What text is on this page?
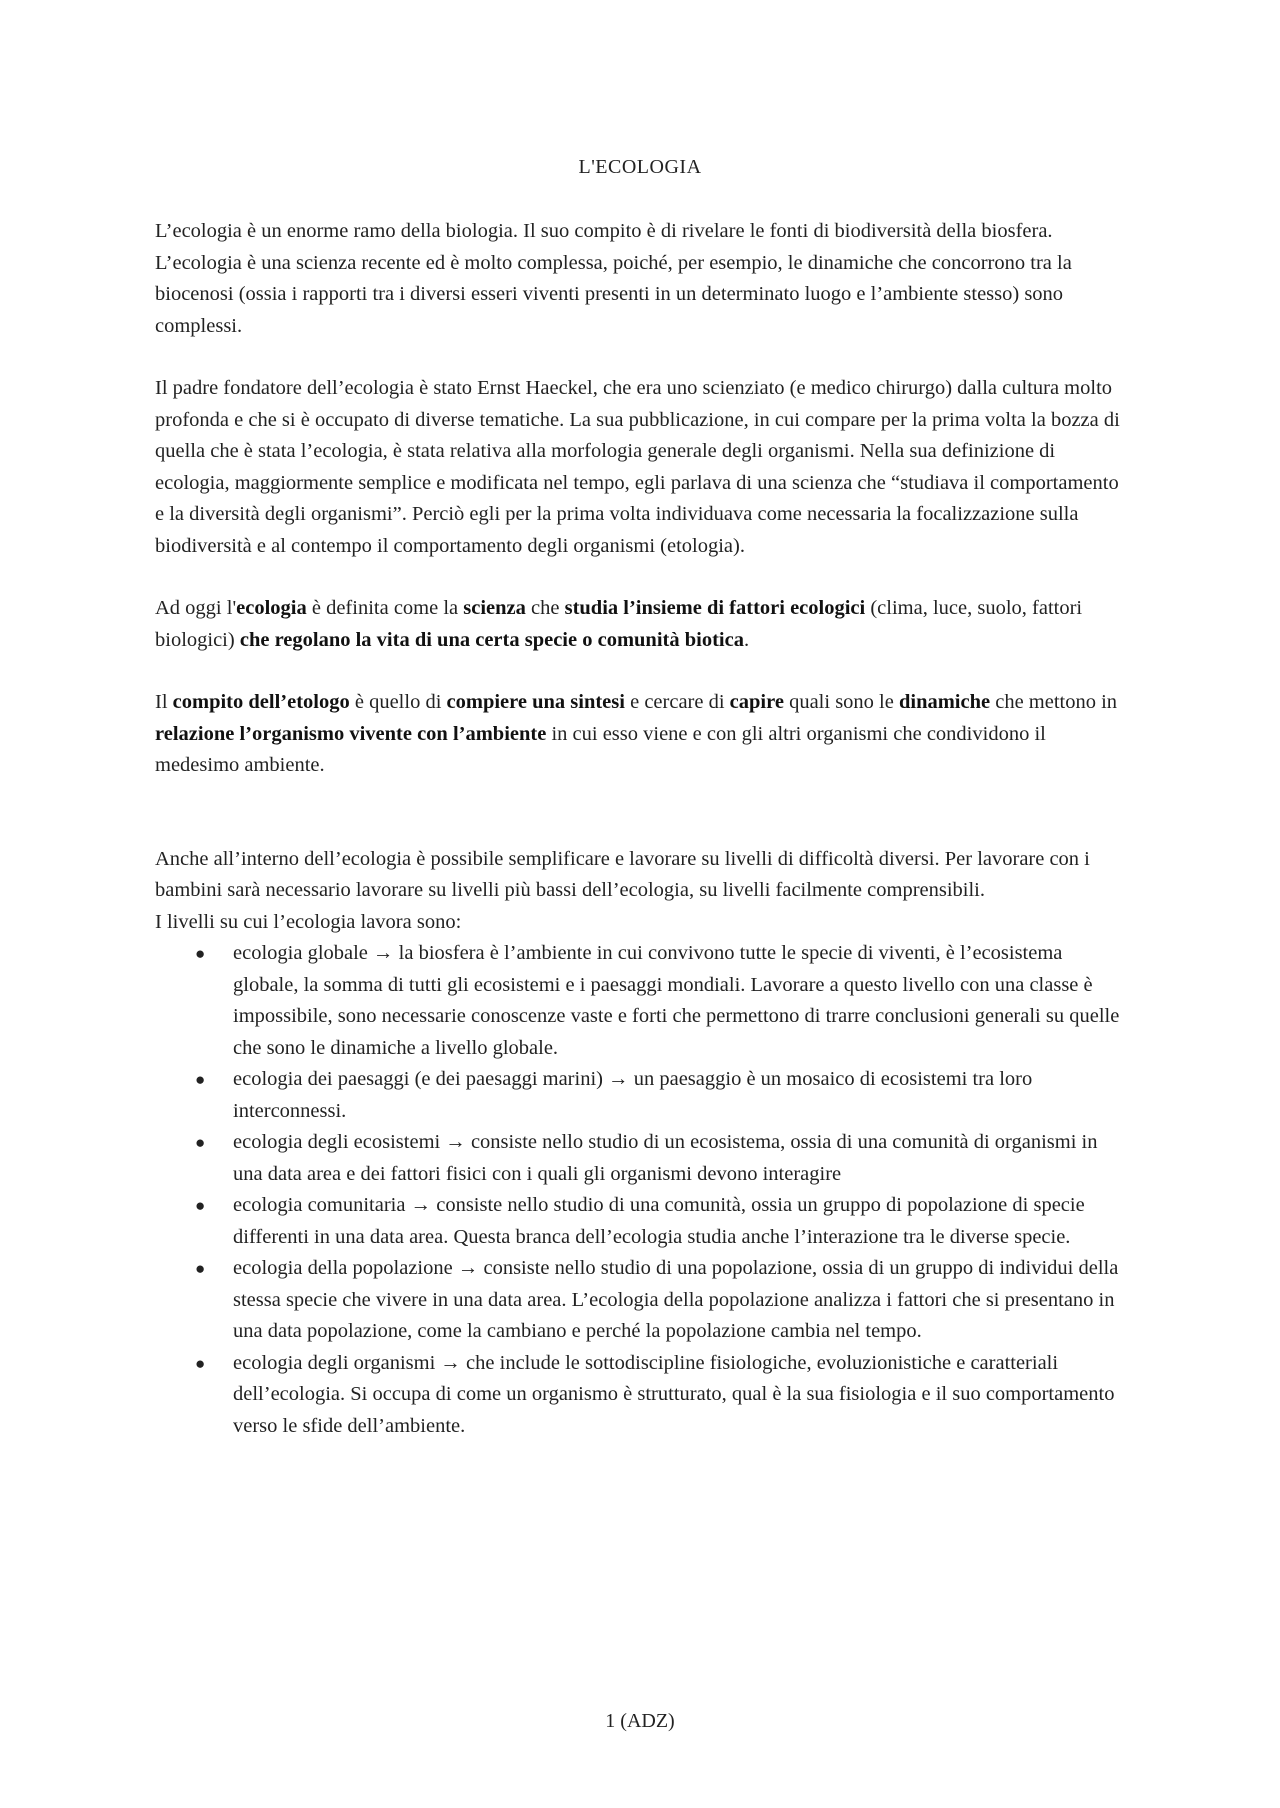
L'ECOLOGIA

L’ecologia è un enorme ramo della biologia. Il suo compito è di rivelare le fonti di biodiversità della biosfera.

L’ecologia è una scienza recente ed è molto complessa, poiché, per esempio, le dinamiche che concorrono tra la biocenosi (ossia i rapporti tra i diversi esseri viventi presenti in un determinato luogo e l’ambiente stesso) sono complessi.

Il padre fondatore dell’ecologia è stato Ernst Haeckel, che era uno scienziato (e medico chirurgo) dalla cultura molto profonda e che si è occupato di diverse tematiche. La sua pubblicazione, in cui compare per la prima volta la bozza di quella che è stata l’ecologia, è stata relativa alla morfologia generale degli organismi. Nella sua definizione di ecologia, maggiormente semplice e modificata nel tempo, egli parlava di una scienza che “studiava il comportamento e la diversità degli organismi”. Perciò egli per la prima volta individuava come necessaria la focalizzazione sulla biodiversità e al contempo il comportamento degli organismi (etologia).

Ad oggi l'ecologia è definita come la scienza che studia l’insieme di fattori ecologici (clima, luce, suolo, fattori biologici) che regolano la vita di una certa specie o comunità biotica.

Il compito dell’etologo è quello di compiere una sintesi e cercare di capire quali sono le dinamiche che mettono in relazione l’organismo vivente con l’ambiente in cui esso viene e con gli altri organismi che condividono il medesimo ambiente.

Anche all’interno dell’ecologia è possibile semplificare e lavorare su livelli di difficoltà diversi. Per lavorare con i bambini sarà necessario lavorare su livelli più bassi dell’ecologia, su livelli facilmente comprensibili.

I livelli su cui l’ecologia lavora sono:

● ecologia globale → la biosfera è l’ambiente in cui convivono tutte le specie di viventi, è l’ecosistema globale, la somma di tutti gli ecosistemi e i paesaggi mondiali. Lavorare a questo livello con una classe è impossibile, sono necessarie conoscenze vaste e forti che permettono di trarre conclusioni generali su quelle che sono le dinamiche a livello globale.
● ecologia dei paesaggi (e dei paesaggi marini) → un paesaggio è un mosaico di ecosistemi tra loro interconnessi.
● ecologia degli ecosistemi → consiste nello studio di un ecosistema, ossia di una comunità di organismi in una data area e dei fattori fisici con i quali gli organismi devono interagire
● ecologia comunitaria → consiste nello studio di una comunità, ossia un gruppo di popolazione di specie differenti in una data area. Questa branca dell’ecologia studia anche l’interazione tra le diverse specie.
● ecologia della popolazione → consiste nello studio di una popolazione, ossia di un gruppo di individui della stessa specie che vivere in una data area. L’ecologia della popolazione analizza i fattori che si presentano in una data popolazione, come la cambiano e perché la popolazione cambia nel tempo.
● ecologia degli organismi → che include le sottodiscipline fisiologiche, evoluzionistiche e caratteriali dell’ecologia. Si occupa di come un organismo è strutturato, qual è la sua fisiologia e il suo comportamento verso le sfide dell’ambiente.
1 (ADZ)
